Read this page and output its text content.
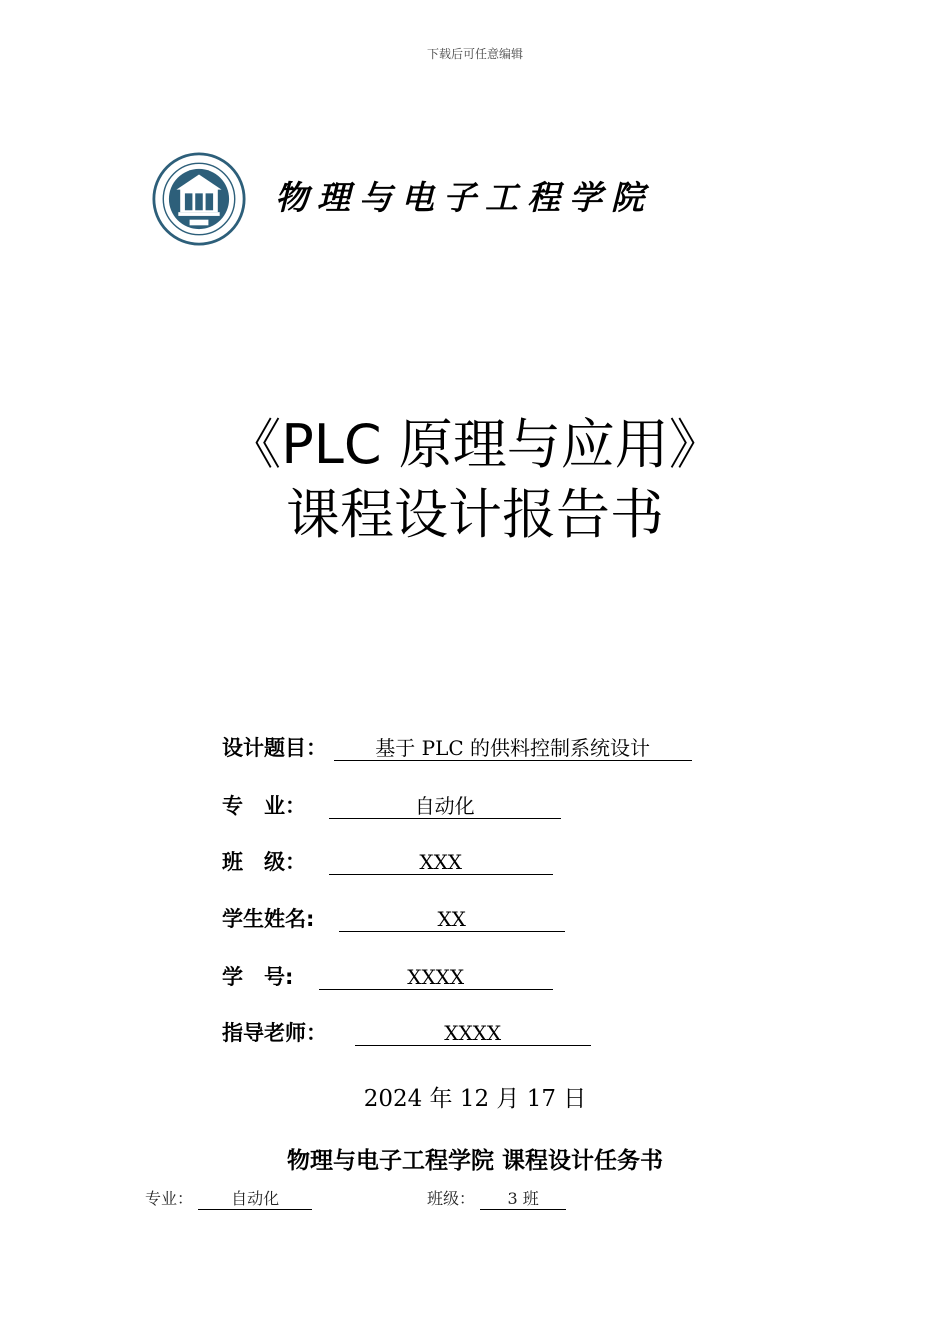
下载后可任意编辑
物理与电子工程学院
《PLC 原理与应用》
课程设计报告书
设计题目： 基于 PLC 的供料控制系统设计
专　业：	自动化
班　级：	XXX
学生姓名:	XX
学　号:	XXXX
指导老师：	XXXX
2024 年 12 月 17 日
物理与电子工程学院 课程设计任务书
专业： 自动化	班级： 3 班
